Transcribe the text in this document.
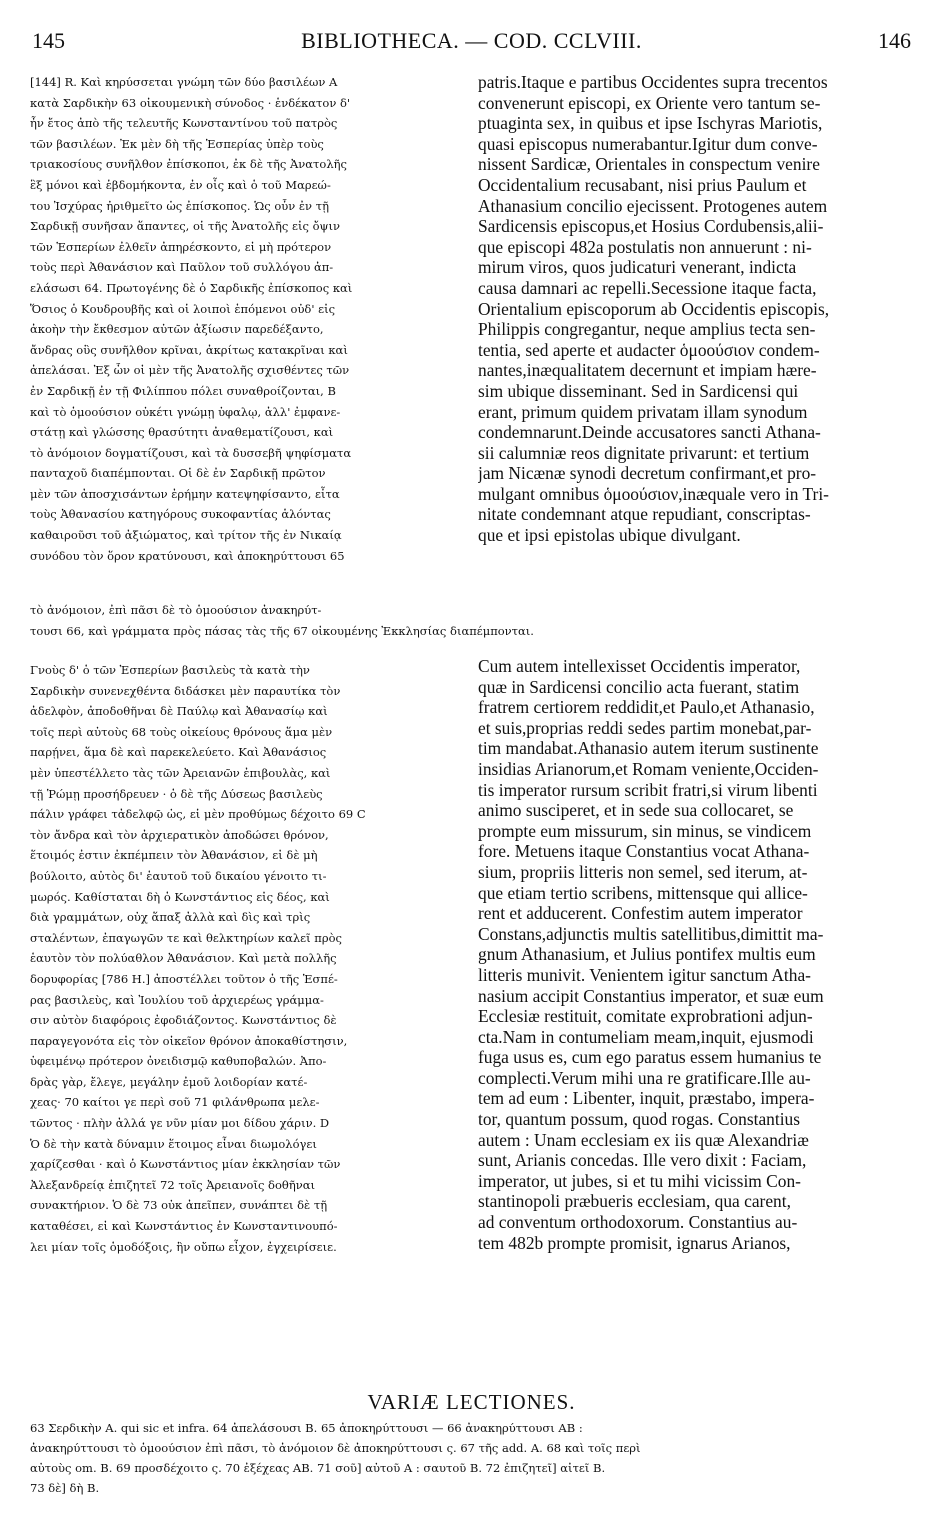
145	BIBLIOTHECA. — COD. CCLVIII.	146
[144] R. Καὶ κηρύσσεται γνώμη τῶν δύο βασιλέων A
κατὰ Σαρδικὴν 63 οἰκουμενικὴ σύνοδος · ἑνδέκατον δ'
ἦν ἔτος ἀπὸ τῆς τελευτῆς Κωνσταντίνου τοῦ πατρὸς
τῶν βασιλέων. Ἐκ μὲν δὴ τῆς Ἑσπερίας ὑπὲρ τοὺς
τριακοσίους συνῆλθον ἐπίσκοποι, ἐκ δὲ τῆς Ἀνατολῆς
ἓξ μόνοι καὶ ἑβδομήκοντα, ἐν οἷς καὶ ὁ τοῦ Μαρεώ-
του Ἰσχύρας ἠριθμεῖτο ὡς ἐπίσκοπος. Ὡς οὖν ἐν τῇ
Σαρδικῇ συνῆσαν ἅπαντες, οἱ τῆς Ἀνατολῆς εἰς ὄψιν
τῶν Ἑσπερίων ἐλθεῖν ἀπηρέσκοντο, εἰ μὴ πρότερον
τοὺς περὶ Ἀθανάσιον καὶ Παῦλον τοῦ συλλόγου ἀπ-
ελάσωσι 64. Πρωτογένης δὲ ὁ Σαρδικῆς ἐπίσκοπος καὶ
Ὅσιος ὁ Κουδρουβῆς καὶ οἱ λοιποὶ ἑπόμενοι οὐδ' εἰς
ἀκοὴν τὴν ἔκθεσμον αὐτῶν ἀξίωσιν παρεδέξαντο,
ἄνδρας οὓς συνῆλθον κρῖναι, ἀκρίτως κατακρῖναι καὶ
ἀπελάσαι. Ἐξ ὧν οἱ μὲν τῆς Ἀνατολῆς σχισθέντες τῶν
ἐν Σαρδικῇ ἐν τῇ Φιλίππου πόλει συναθροίζονται, B
καὶ τὸ ὁμοούσιον οὐκέτι γνώμῃ ὑφαλῳ, ἀλλ' ἐμφανε-
στάτῃ καὶ γλώσσης θρασύτητι ἀναθεματίζουσι, καὶ
τὸ ἀνόμοιον δογματίζουσι, καὶ τὰ δυσσεβῆ ψηφίσματα
πανταχοῦ διαπέμπονται. Οἱ δὲ ἐν Σαρδικῇ πρῶτον
μὲν τῶν ἀποσχισάντων ἐρήμην κατεψηφίσαντο, εἶτα
τοὺς Ἀθανασίου κατηγόρους συκοφαντίας ἁλόντας
καθαιροῦσι τοῦ ἀξιώματος, καὶ τρίτον τῆς ἐν Νικαίᾳ
συνόδου τὸν ὅρον κρατύνουσι, καὶ ἀποκηρύττουσι 65
patris.Itaque e partibus Occidentes supra trecentos
convenerunt episcopi, ex Oriente vero tantum se-
ptuaginta sex, in quibus et ipse Ischyras Mariotis,
quasi episcopus numerabantur.Igitur dum conve-
nissent Sardicæ, Orientales in conspectum venire
Occidentalium recusabant, nisi prius Paulum et
Athanasium concilio ejecissent. Protogenes autem
Sardicensis episcopus,et Hosius Cordubensis,alii-
que episcopi 482a postulatis non annuerunt : ni-
mirum viros, quos judicaturi venerant, indicta
causa damnari ac repelli.Secessione itaque facta,
Orientalium episcoporum ab Occidentis episcopis,
Philippis congregantur, neque amplius tecta sen-
tentia, sed aperte et audacter ὁμοούσιον condem-
nantes,inæqualitatem decernunt et impiam hære-
sim ubique disseminant. Sed in Sardicensi qui
erant, primum quidem privatam illam synodum
condemnarunt.Deinde accusatores sancti Athana-
sii calumniæ reos dignitate privarunt: et tertium
jam Nicænæ synodi decretum confirmant,et pro-
mulgant omnibus ὁμοούσιον,inæquale vero in Tri-
nitate condemnant atque repudiant, conscriptas-
que et ipsi epistolas ubique divulgant.
τὸ ἀνόμοιον, ἐπὶ πᾶσι δὲ τὸ ὁμοούσιον ἀνακηρύτ-
τουσι 66, καὶ γράμματα πρὸς πάσας τὰς τῆς 67 οἰκουμένης Ἐκκλησίας διαπέμπονται.
Γνοὺς δ' ὁ τῶν Ἑσπερίων βασιλεὺς τὰ κατὰ τὴν
Σαρδικὴν συνενεχθέντα διδάσκει μὲν παραυτίκα τὸν
ἀδελφὸν, ἀποδοθῆναι δὲ Παύλῳ καὶ Ἀθανασίῳ καὶ
τοῖς περὶ αὐτοὺς 68 τοὺς οἰκείους θρόνους ἅμα μὲν
παρῄνει, ἅμα δὲ καὶ παρεκελεύετο. Καὶ Ἀθανάσιος
μὲν ὑπεστέλλετο τὰς τῶν Ἀρειανῶν ἐπιβουλὰς, καὶ
τῇ Ῥώμῃ προσήδρευεν · ὁ δὲ τῆς Δύσεως βασιλεὺς
πάλιν γράφει τἀδελφῷ ὡς, εἰ μὲν προθύμως δέχοιτο 69 C
τὸν ἄνδρα καὶ τὸν ἀρχιερατικὸν ἀποδώσει θρόνον,
ἕτοιμός ἐστιν ἐκπέμπειν τὸν Ἀθανάσιον, εἰ δὲ μὴ
βούλοιτο, αὐτὸς δι' ἑαυτοῦ τοῦ δικαίου γένοιτο τι-
μωρός. Καθίσταται δὴ ὁ Κωνστάντιος εἰς δέος, καὶ
διὰ γραμμάτων, οὐχ ἅπαξ ἀλλὰ καὶ δὶς καὶ τρὶς
σταλέντων, ἐπαγωγῶν τε καὶ θελκτηρίων καλεῖ πρὸς
ἑαυτὸν τὸν πολύαθλον Ἀθανάσιον. Καὶ μετὰ πολλῆς
δορυφορίας [786 H.] ἀποστέλλει τοῦτον ὁ τῆς Ἑσπέ-
ρας βασιλεὺς, καὶ Ἰουλίου τοῦ ἀρχιερέως γράμμα-
σιν αὐτὸν διαφόροις ἐφοδιάζοντος. Κωνστάντιος δὲ
παραγεγονότα εἰς τὸν οἰκεῖον θρόνον ἀποκαθίστησιν,
ὑφειμένῳ πρότερον ὀνειδισμῷ καθυποβαλών. Ἀπο-
δρὰς γὰρ, ἔλεγε, μεγάλην ἐμοῦ λοιδορίαν κατέ-
χεας· 70 καίτοι γε περὶ σοῦ 71 φιλάνθρωπα μελε-
τῶντος · πλὴν ἀλλά γε νῦν μίαν μοι δίδου χάριν. D
Ὁ δὲ τὴν κατὰ δύναμιν ἕτοιμος εἶναι διωμολόγει
χαρίζεσθαι · καὶ ὁ Κωνστάντιος μίαν ἐκκλησίαν τῶν
Ἀλεξανδρείᾳ ἐπιζητεῖ 72 τοῖς Ἀρειανοῖς δοθῆναι
συνακτήριον. Ὁ δὲ 73 οὐκ ἀπεῖπεν, συνάπτει δὲ τῇ
καταθέσει, εἰ καὶ Κωνστάντιος ἐν Κωνσταντινουπό-
λει μίαν τοῖς ὁμοδόξοις, ἣν οὔπω εἶχον, ἐγχειρίσειε.
Cum autem intellexisset Occidentis imperator,
quæ in Sardicensi concilio acta fuerant, statim
fratrem certiorem reddidit,et Paulo,et Athanasio,
et suis,proprias reddi sedes partim monebat,par-
tim mandabat.Athanasio autem iterum sustinente
insidias Arianorum,et Romam veniente,Occiden-
tis imperator rursum scribit fratri,si virum libenti
animo susciperet, et in sede sua collocaret, se
prompte eum missurum, sin minus, se vindicem
fore. Metuens itaque Constantius vocat Athana-
sium, propriis litteris non semel, sed iterum, at-
que etiam tertio scribens, mittensque qui allice-
rent et adducerent. Confestim autem imperator
Constans,adjunctis multis satellitibus,dimittit ma-
gnum Athanasium, et Julius pontifex multis eum
litteris munivit. Venientem igitur sanctum Atha-
nasium accipit Constantius imperator, et suæ eum
Ecclesiæ restituit, comitate exprobrationi adjun-
cta.Nam in contumeliam meam,inquit, ejusmodi
fuga usus es, cum ego paratus essem humanius te
complecti.Verum mihi una re gratificare.Ille au-
tem ad eum : Libenter, inquit, præstabo, impera-
tor, quantum possum, quod rogas. Constantius
autem : Unam ecclesiam ex iis quæ Alexandriæ
sunt, Arianis concedas. Ille vero dixit : Faciam,
imperator, ut jubes, si et tu mihi vicissim Con-
stantinopoli præbueris ecclesiam, qua carent,
ad conventum orthodoxorum. Constantius au-
tem 482b prompte promisit, ignarus Arianos,
VARIÆ LECTIONES.
63 Σερδικὴν A. qui sic et infra. 64 ἀπελάσουσι B. 65 ἀποκηρύττουσι — 66 ἀνακηρύττουσι AB :
ἀνακηρύττουσι τὸ ὁμοούσιον ἐπὶ πᾶσι, τὸ ἀνόμοιον δὲ ἀποκηρύττουσι ς. 67 τῆς add. A. 68 καὶ τοῖς περὶ
αὐτοὺς om. B. 69 προσδέχοιτο ς. 70 ἐξέχεας AB. 71 σοῦ] αὐτοῦ A : σαυτοῦ B. 72 ἐπιζητεῖ] αἰτεῖ B.
73 δὲ] δὴ B.
